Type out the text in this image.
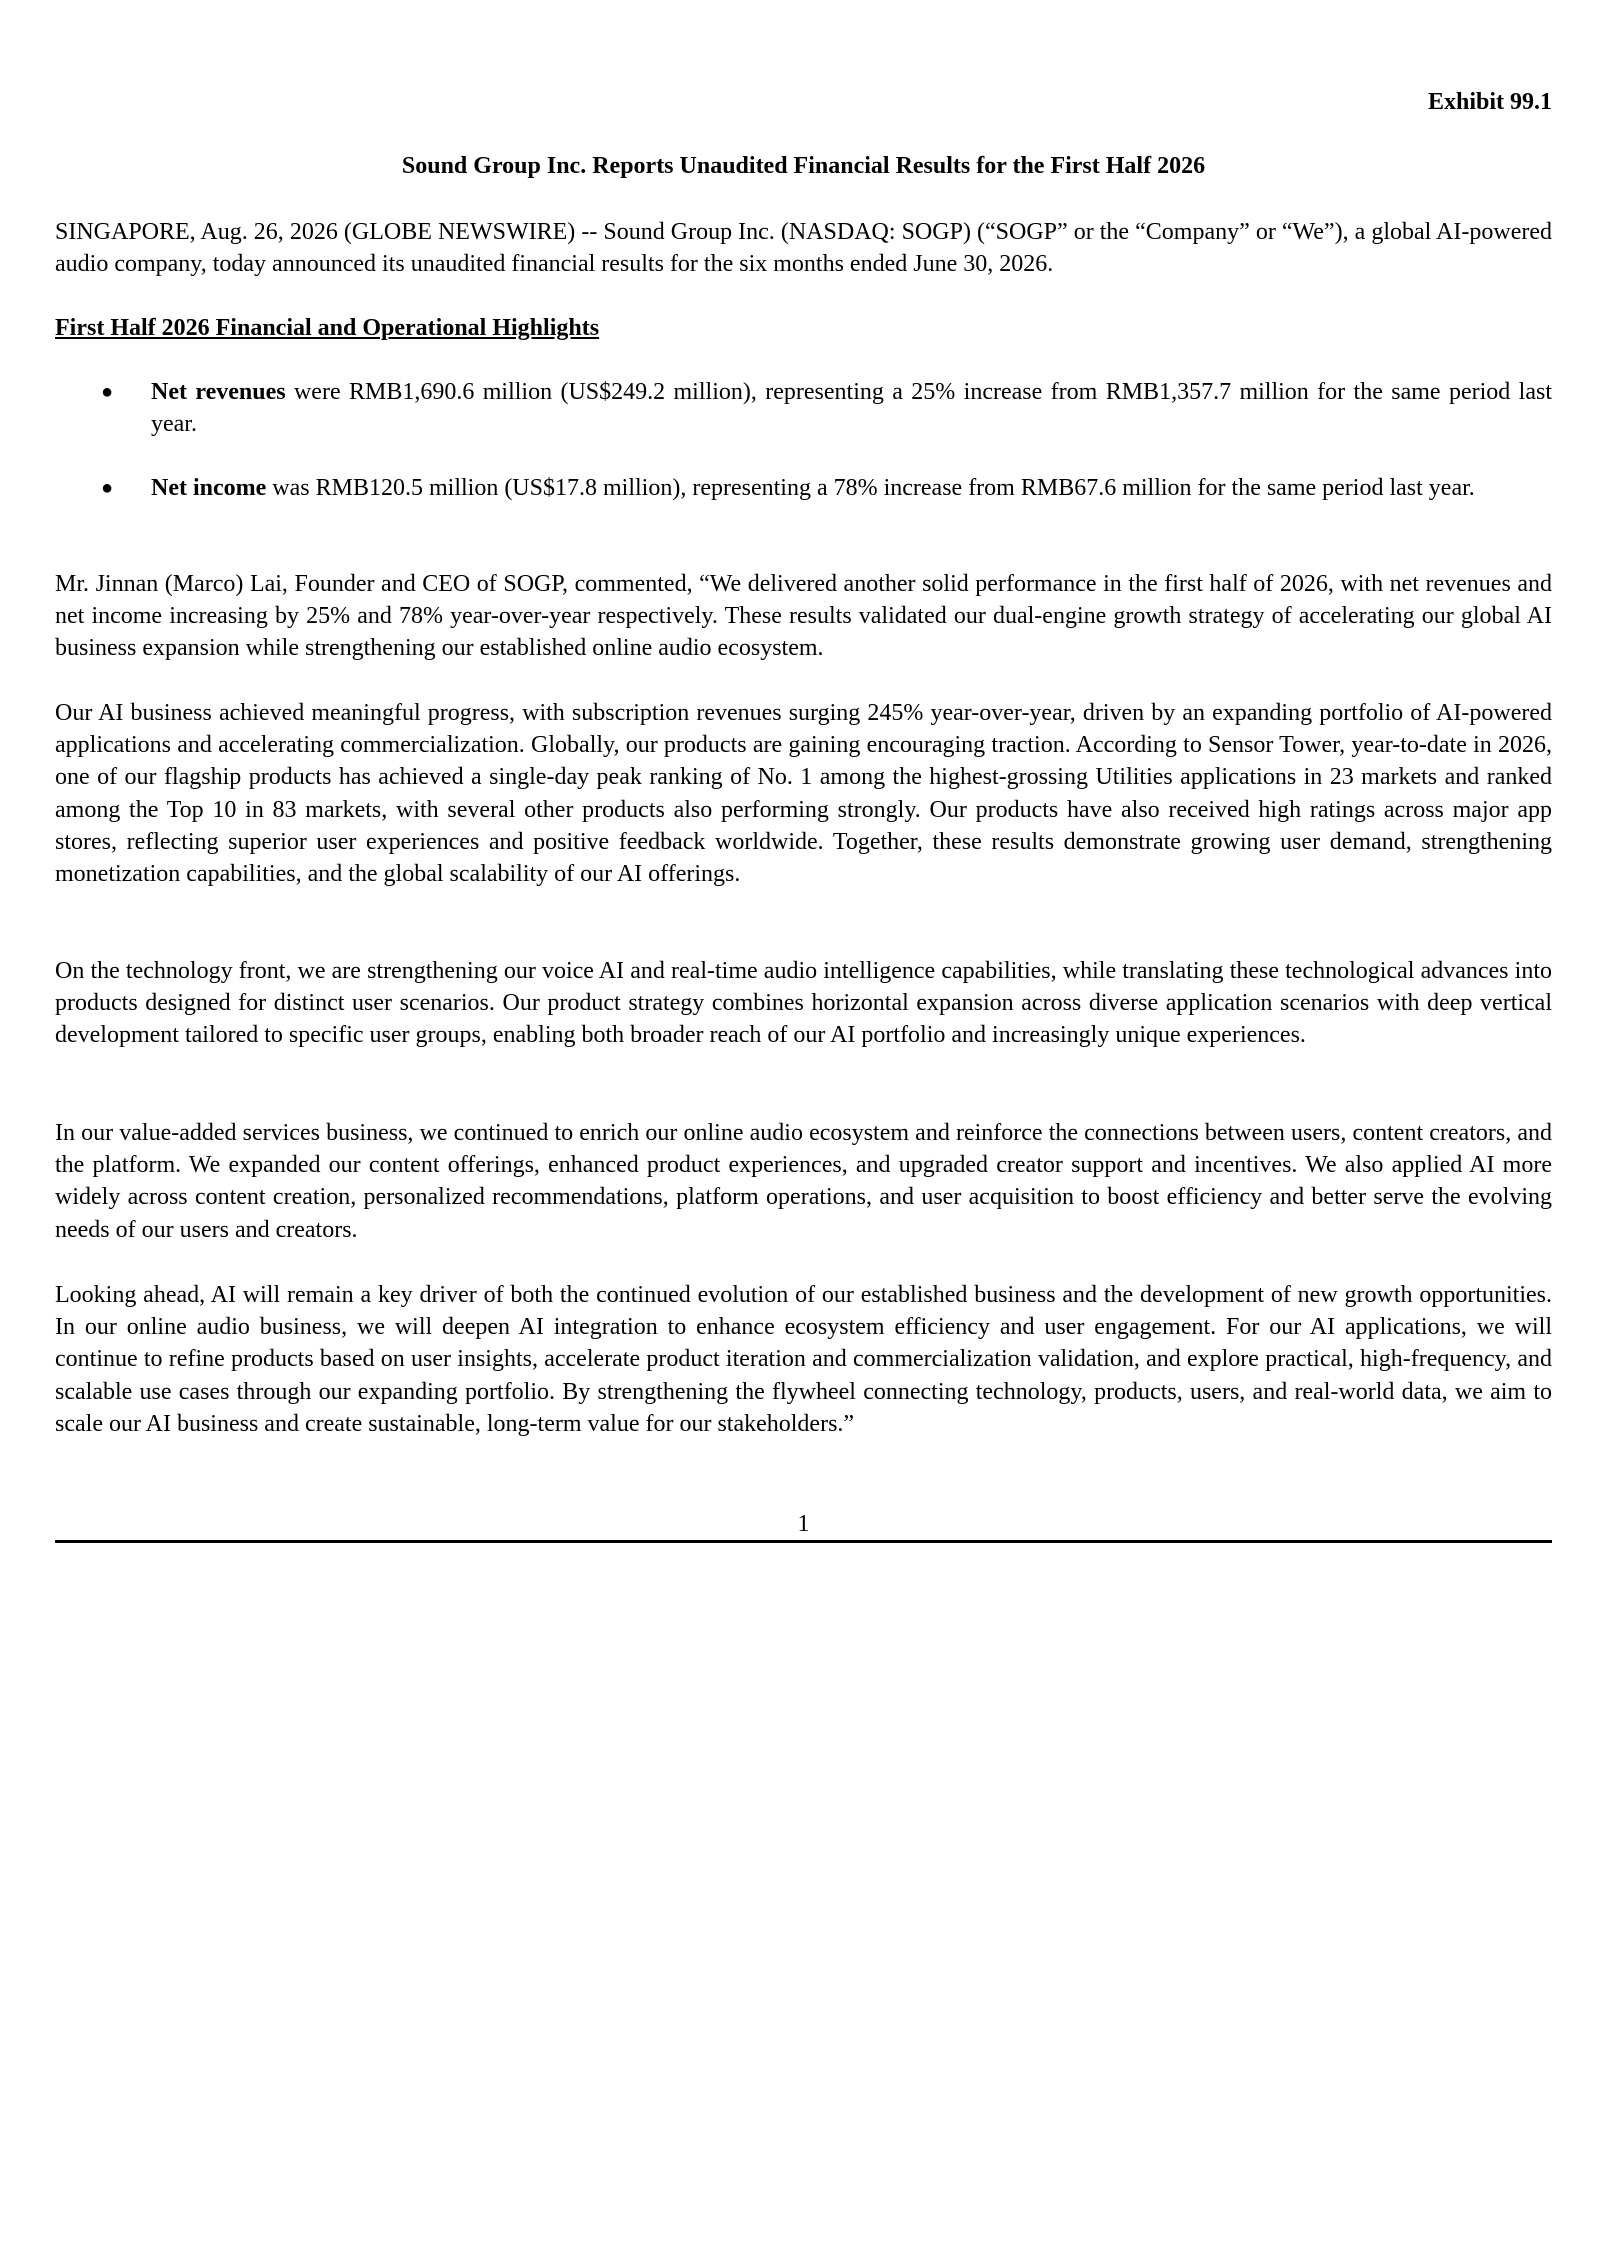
Exhibit 99.1
Sound Group Inc. Reports Unaudited Financial Results for the First Half 2026

SINGAPORE, Aug. 26, 2026 (GLOBE NEWSWIRE) -- Sound Group Inc. (NASDAQ: SOGP) (“SOGP” or the “Company” or “We”), a global AI-powered audio company, today announced its unaudited financial results for the six months ended June 30, 2026.

First Half 2026 Financial and Operational Highlights
● Net revenues were RMB1,690.6 million (US$249.2 million), representing a 25% increase from RMB1,357.7 million for the same period last year.
● Net income was RMB120.5 million (US$17.8 million), representing a 78% increase from RMB67.6 million for the same period last year.

Mr. Jinnan (Marco) Lai, Founder and CEO of SOGP, commented, “We delivered another solid performance in the first half of 2026, with net revenues and net income increasing by 25% and 78% year-over-year respectively. These results validated our dual-engine growth strategy of accelerating our global AI business expansion while strengthening our established online audio ecosystem.

Our AI business achieved meaningful progress, with subscription revenues surging 245% year-over-year, driven by an expanding portfolio of AI-powered applications and accelerating commercialization. Globally, our products are gaining encouraging traction. According to Sensor Tower, year-to-date in 2026, one of our flagship products has achieved a single-day peak ranking of No. 1 among the highest-grossing Utilities applications in 23 markets and ranked among the Top 10 in 83 markets, with several other products also performing strongly. Our products have also received high ratings across major app stores, reflecting superior user experiences and positive feedback worldwide. Together, these results demonstrate growing user demand, strengthening monetization capabilities, and the global scalability of our AI offerings.

On the technology front, we are strengthening our voice AI and real-time audio intelligence capabilities, while translating these technological advances into products designed for distinct user scenarios. Our product strategy combines horizontal expansion across diverse application scenarios with deep vertical development tailored to specific user groups, enabling both broader reach of our AI portfolio and increasingly unique experiences.

In our value-added services business, we continued to enrich our online audio ecosystem and reinforce the connections between users, content creators, and the platform. We expanded our content offerings, enhanced product experiences, and upgraded creator support and incentives. We also applied AI more widely across content creation, personalized recommendations, platform operations, and user acquisition to boost efficiency and better serve the evolving needs of our users and creators.

Looking ahead, AI will remain a key driver of both the continued evolution of our established business and the development of new growth opportunities. In our online audio business, we will deepen AI integration to enhance ecosystem efficiency and user engagement. For our AI applications, we will continue to refine products based on user insights, accelerate product iteration and commercialization validation, and explore practical, high-frequency, and scalable use cases through our expanding portfolio. By strengthening the flywheel connecting technology, products, users, and real-world data, we aim to scale our AI business and create sustainable, long-term value for our stakeholders.”

1
